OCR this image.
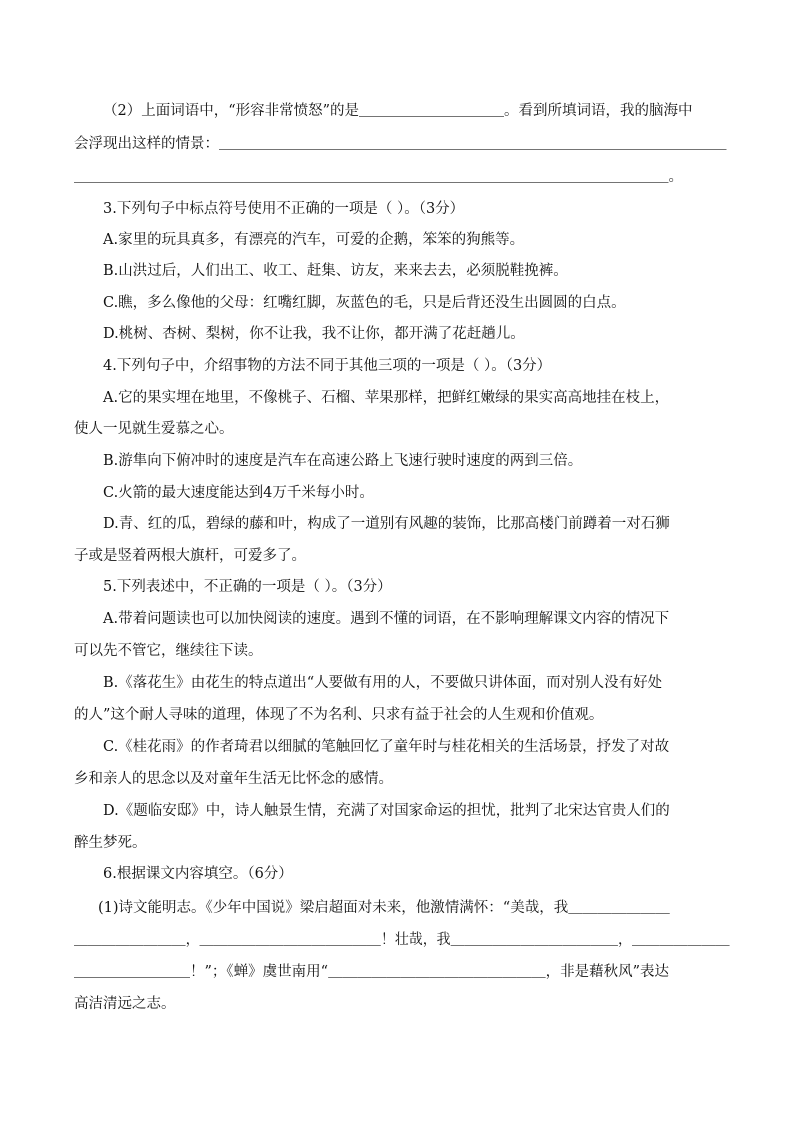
（2）上面词语中，“形容非常愤怒”的是＿＿＿＿＿＿＿＿＿＿。看到所填词语，我的脑海中
会浮现出这样的情景：＿＿＿＿＿＿＿＿＿＿＿＿＿＿＿＿＿＿＿＿＿＿＿＿＿＿＿＿＿＿＿＿＿＿＿
＿＿＿＿＿＿＿＿＿＿＿＿＿＿＿＿＿＿＿＿＿＿＿＿＿＿＿＿＿＿＿＿＿＿＿＿＿＿＿＿＿。
3.下列句子中标点符号使用不正确的一项是（ ）。（3分）
A.家里的玩具真多，有漂亮的汽车，可爱的企鹅，笨笨的狗熊等。
B.山洪过后，人们出工、收工、赶集、访友，来来去去，必须脱鞋挽裤。
C.瞧，多么像他的父母：红嘴红脚，灰蓝色的毛，只是后背还没生出圆圆的白点。
D.桃树、杏树、梨树，你不让我，我不让你，都开满了花赶趟儿。
4.下列句子中，介绍事物的方法不同于其他三项的一项是（ ）。（3分）
A.它的果实埋在地里，不像桃子、石榴、苹果那样，把鲜红嫩绿的果实高高地挂在枝上，
使人一见就生爱慕之心。
B.游隼向下俯冲时的速度是汽车在高速公路上飞速行驶时速度的两到三倍。
C.火箭的最大速度能达到4万千米每小时。
D.青、红的瓜，碧绿的藤和叶，构成了一道别有风趣的装饰，比那高楼门前蹲着一对石狮
子或是竖着两根大旗杆，可爱多了。
5.下列表述中，不正确的一项是（ ）。（3分）
A.带着问题读也可以加快阅读的速度。遇到不懂的词语，在不影响理解课文内容的情况下
可以先不管它，继续往下读。
B.《落花生》由花生的特点道出“人要做有用的人，不要做只讲体面，而对别人没有好处
的人”这个耐人寻味的道理，体现了不为名利、只求有益于社会的人生观和价值观。
C.《桂花雨》的作者琦君以细腻的笔触回忆了童年时与桂花相关的生活场景，抒发了对故
乡和亲人的思念以及对童年生活无比怀念的感情。
D.《题临安邸》中，诗人触景生情，充满了对国家命运的担忧，批判了北宋达官贵人们的
醉生梦死。
6.根据课文内容填空。（6分）
(1)诗文能明志。《少年中国说》梁启超面对未来，他激情满怀：“美哉，我＿＿＿＿＿＿＿
＿＿＿＿＿＿＿＿，＿＿＿＿＿＿＿＿＿＿＿＿＿！壮哉，我＿＿＿＿＿＿＿＿＿＿＿＿，＿＿＿＿＿＿＿
＿＿＿＿＿＿＿＿！”；《蝉》虞世南用“＿＿＿＿＿＿＿＿＿＿＿＿＿＿＿，非是藉秋风”表达
高洁清远之志。
